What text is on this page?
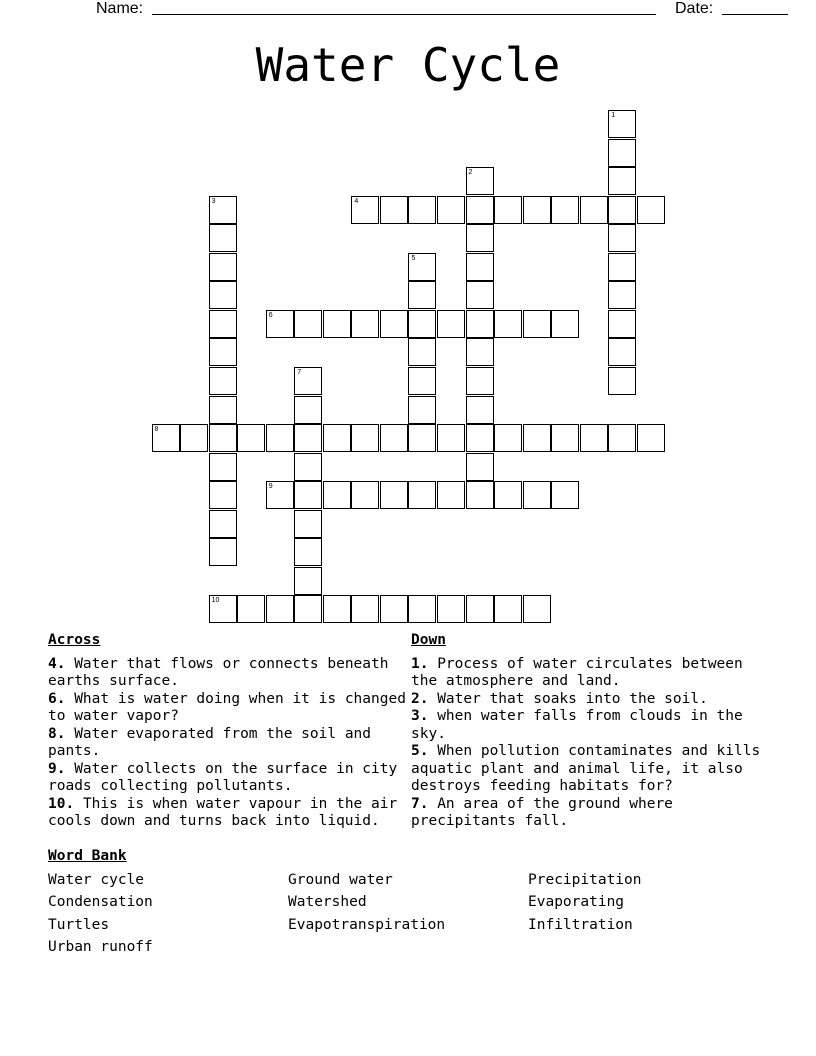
Name:	Date:
Water Cycle
1
2
3	4
5
6
7
8
9
10
Across

4. Water that flows or connects beneath earths surface.

6. What is water doing when it is changed to water vapor?

8. Water evaporated from the soil and pants.

9. Water collects on the surface in city roads collecting pollutants.

10. This is when water vapour in the air cools down and turns back into liquid.

Down

1. Process of water circulates between the atmosphere and land.

2. Water that soaks into the soil.

3. when water falls from clouds in the sky.

5. When pollution contaminates and kills aquatic plant and animal life, it also destroys feeding habitats for?

7. An area of the ground where precipitants fall.

Word Bank
Water cycle	Ground water	Precipitation
Condensation	Watershed	Evaporating
Turtles	Evapotranspiration	Infiltration
Urban runoff
